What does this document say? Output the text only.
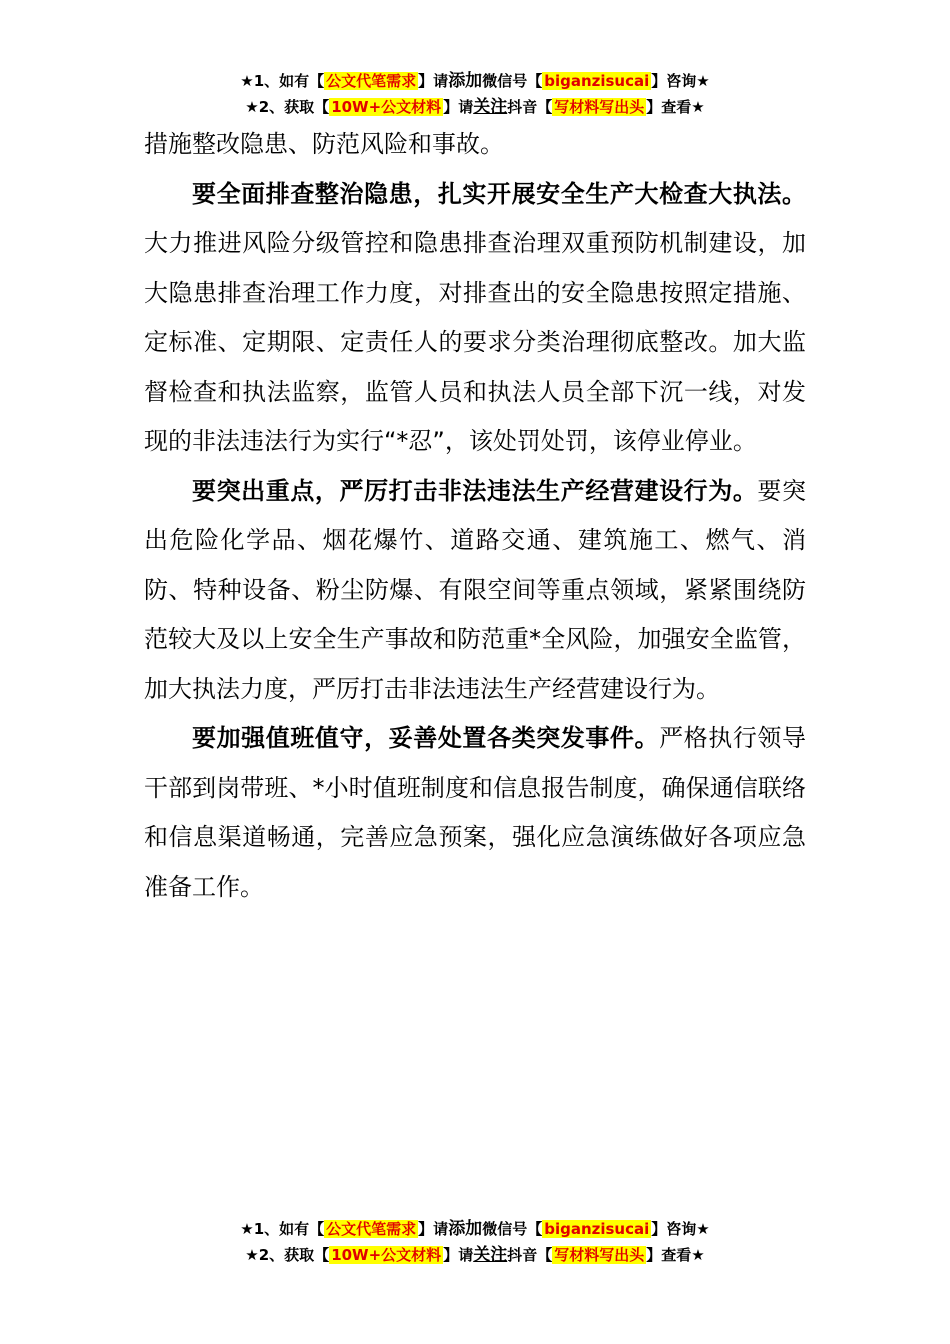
★1、如有【 公文代笔需求 】请添加微信号【 biganzisucai 】咨询★
★2、获取【 10W+公文材料 】请关注抖音【 写材料写出头 】查看★

措施整改隐患、防范风险和事故。

要全面排查整治隐患，扎实开展安全生产大检查大执法。大力推进风险分级管控和隐患排查治理双重预防机制建设，加大隐患排查治理工作力度，对排查出的安全隐患按照定措施、定标准、定期限、定责任人的要求分类治理彻底整改。加大监督检查和执法监察，监管人员和执法人员全部下沉一线，对发现的非法违法行为实行“*忍”，该处罚处罚，该停业停业。

要突出重点，严厉打击非法违法生产经营建设行为。要突出危险化学品、烟花爆竹、道路交通、建筑施工、燃气、消防、特种设备、粉尘防爆、有限空间等重点领域，紧紧围绕防范较大及以上安全生产事故和防范重*全风险，加强安全监管，加大执法力度，严厉打击非法违法生产经营建设行为。

要加强值班值守，妥善处置各类突发事件。严格执行领导干部到岗带班、*小时值班制度和信息报告制度，确保通信联络和信息渠道畅通，完善应急预案，强化应急演练做好各项应急准备工作。

★1、如有【 公文代笔需求 】请添加微信号【 biganzisucai 】咨询★
★2、获取【 10W+公文材料 】请关注抖音【 写材料写出头 】查看★
